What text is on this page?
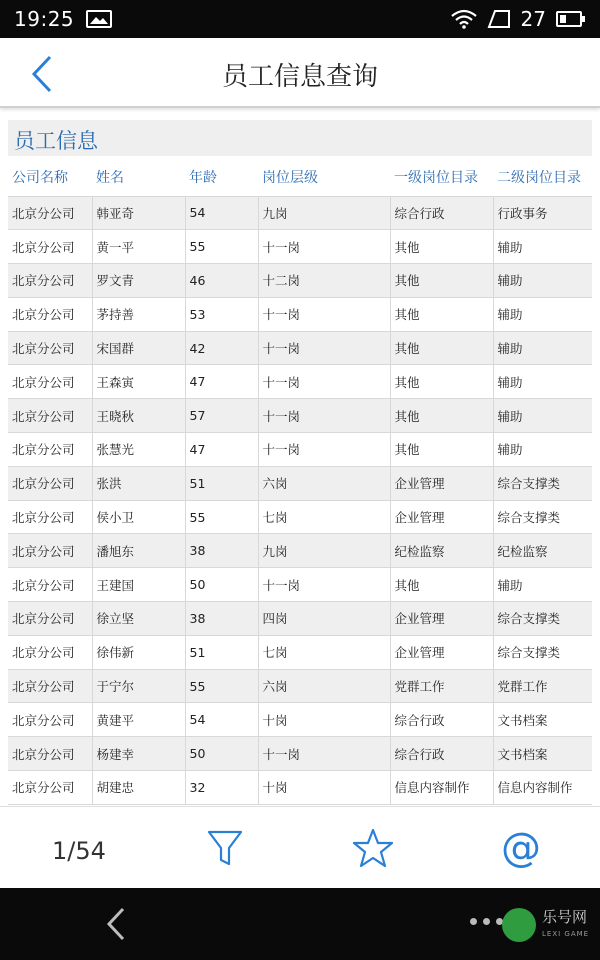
19:25	27
员工信息查询
员工信息
公司名称	姓名	年龄	岗位层级	一级岗位目录	二级岗位目录
北京分公司	韩亚奇	54	九岗	综合行政	行政事务
北京分公司	黄一平	55	十一岗	其他	辅助
北京分公司	罗文青	46	十二岗	其他	辅助
北京分公司	茅持善	53	十一岗	其他	辅助
北京分公司	宋国群	42	十一岗	其他	辅助
北京分公司	王森寅	47	十一岗	其他	辅助
北京分公司	王晓秋	57	十一岗	其他	辅助
北京分公司	张慧光	47	十一岗	其他	辅助
北京分公司	张洪	51	六岗	企业管理	综合支撑类
北京分公司	侯小卫	55	七岗	企业管理	综合支撑类
北京分公司	潘旭东	38	九岗	纪检监察	纪检监察
北京分公司	王建国	50	十一岗	其他	辅助
北京分公司	徐立坚	38	四岗	企业管理	综合支撑类
北京分公司	徐伟新	51	七岗	企业管理	综合支撑类
北京分公司	于宁尔	55	六岗	党群工作	党群工作
北京分公司	黄建平	54	十岗	综合行政	文书档案
北京分公司	杨建幸	50	十一岗	综合行政	文书档案
北京分公司	胡建忠	32	十岗	信息内容制作	信息内容制作
1/54	@
乐号网
LEXI GAME
